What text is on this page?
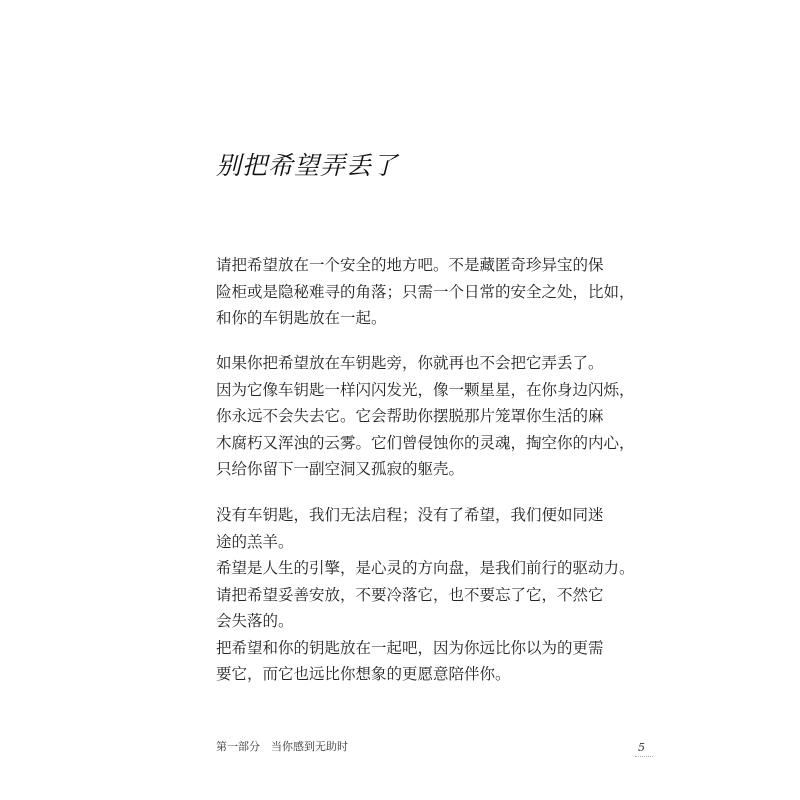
别把希望弄丢了
请把希望放在一个安全的地方吧。不是藏匿奇珍异宝的保
险柜或是隐秘难寻的角落；只需一个日常的安全之处，比如，
和你的车钥匙放在一起。
如果你把希望放在车钥匙旁，你就再也不会把它弄丢了。
因为它像车钥匙一样闪闪发光，像一颗星星，在你身边闪烁，
你永远不会失去它。它会帮助你摆脱那片笼罩你生活的麻
木腐朽又浑浊的云雾。它们曾侵蚀你的灵魂，掏空你的内心，
只给你留下一副空洞又孤寂的躯壳。
没有车钥匙，我们无法启程；没有了希望，我们便如同迷
途的羔羊。
希望是人生的引擎，是心灵的方向盘，是我们前行的驱动力。
请把希望妥善安放，不要冷落它，也不要忘了它，不然它
会失落的。
把希望和你的钥匙放在一起吧，因为你远比你以为的更需
要它，而它也远比你想象的更愿意陪伴你。
第一部分　当你感到无助时	5
